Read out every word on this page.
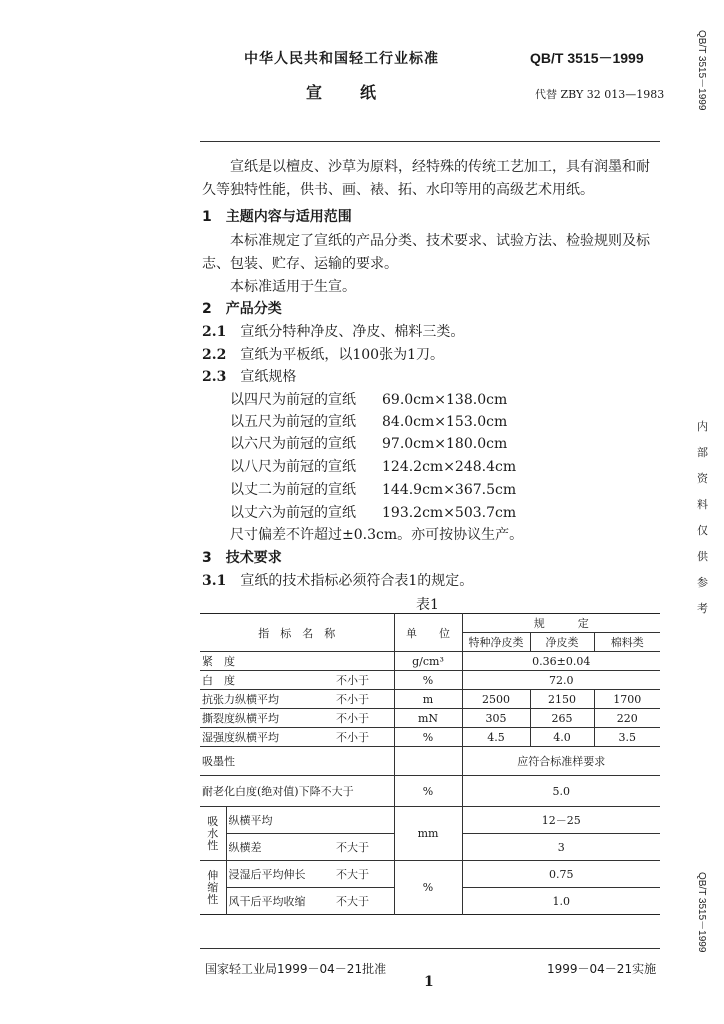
中华人民共和国轻工行业标准	QB/T 3515－1999
宣纸	代替 ZBY 32 013—1983
宣纸是以檀皮、沙草为原料，经特殊的传统工艺加工，具有润墨和耐久等独特性能，供书、画、裱、拓、水印等用的高级艺术用纸。
1 主题内容与适用范围
本标准规定了宣纸的产品分类、技术要求、试验方法、检验规则及标志、包装、贮存、运输的要求。
本标准适用于生宣。
2 产品分类
2.1 宣纸分特种净皮、净皮、棉料三类。
2.2 宣纸为平板纸，以100张为1刀。
2.3 宣纸规格
以四尺为前冠的宣纸 69.0cm×138.0cm
以五尺为前冠的宣纸 84.0cm×153.0cm
以六尺为前冠的宣纸 97.0cm×180.0cm
以八尺为前冠的宣纸 124.2cm×248.4cm
以丈二为前冠的宣纸 144.9cm×367.5cm
以丈六为前冠的宣纸 193.2cm×503.7cm
尺寸偏差不许超过±0.3cm。亦可按协议生产。
3 技术要求
3.1 宣纸的技术指标必须符合表1的规定。
表1
指　标　名　称			单　　位	规　　　定		
				特种净皮类	净皮类	棉料类
紧　度			g/cm³	0.36±0.04		
白　度		不小于	%	72.0		
抗张力纵横平均		不小于	m	2500	2150	1700
撕裂度纵横平均		不小于	mN	305	265	220
湿强度纵横平均		不小于	%	4.5	4.0	3.5
吸墨性				应符合标准样要求		
耐老化白度(绝对值)下降不大于			%	5.0		
吸水性	纵横平均		mm	12－25		
	纵横差	不大于		3		
伸缩性	浸湿后平均伸长	不大于	%	0.75		
	风干后平均收缩	不大于		1.0		
国家轻工业局1999－04－21批准	1999－04－21实施
1
QB/T 3515－1999
QB/T 3515－1999
内
部
资
料
仅
供
参
考
